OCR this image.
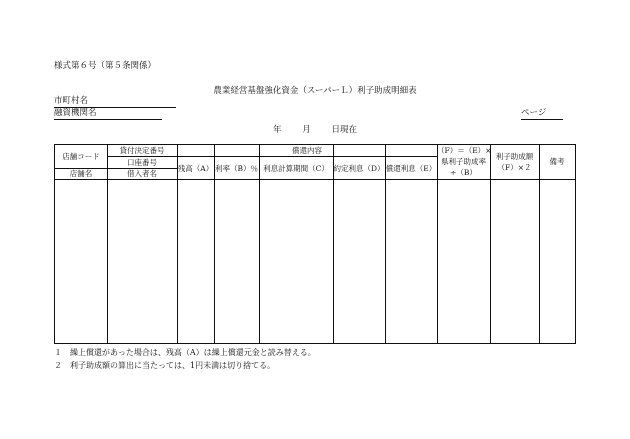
様式第６号（第５条関係）
農業経営基盤強化資金（スーパーＬ）利子助成明細表
市町村名
融資機関名	ページ
年 月 日現在
店舗コード
貸付決定番号
口座番号
店舗名	借入者名
償還内容
残高（A） 利率（B）％ 利息計算期間（C） 約定利息（D） 償還利息（E）
（F）＝（E）×
県利子助成率
÷（B）
利子助成額
（F）×２
備考
１　繰上償還があった場合は、残高（A）は繰上償還元金と読み替える。
２　利子助成額の算出に当たっては、1円未満は切り捨てる。
